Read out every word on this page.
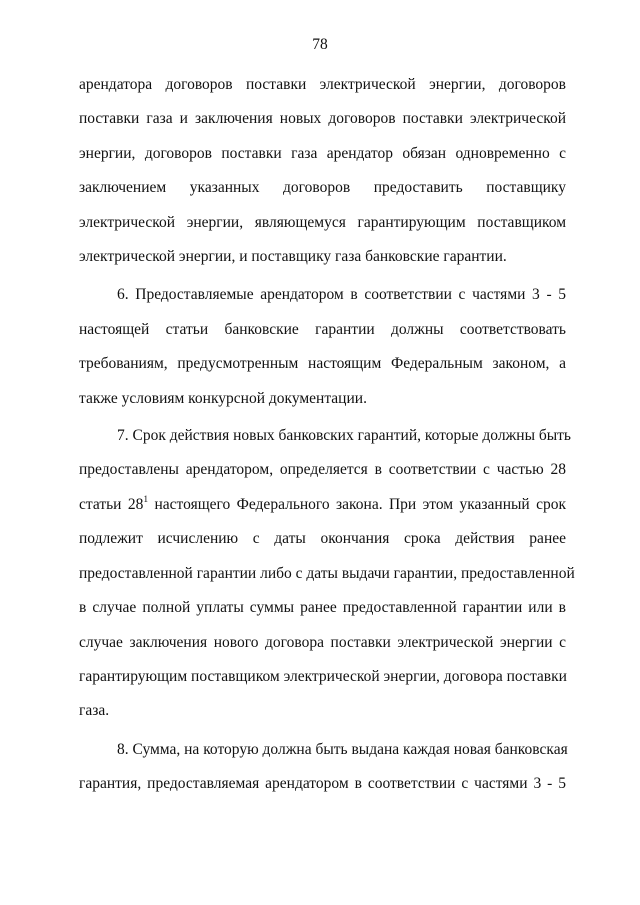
78
арендатора договоров поставки электрической энергии, договоров
поставки газа и заключения новых договоров поставки электрической
энергии, договоров поставки газа арендатор обязан одновременно с
заключением указанных договоров предоставить поставщику
электрической энергии, являющемуся гарантирующим поставщиком
электрической энергии, и поставщику газа банковские гарантии.
6. Предоставляемые арендатором в соответствии с частями 3 - 5
настоящей статьи банковские гарантии должны соответствовать
требованиям, предусмотренным настоящим Федеральным законом, а
также условиям конкурсной документации.
7. Срок действия новых банковских гарантий, которые должны быть
предоставлены арендатором, определяется в соответствии с частью 28
статьи $28^1$ настоящего Федерального закона. При этом указанный срок
подлежит исчислению с даты окончания срока действия ранее
предоставленной гарантии либо с даты выдачи гарантии, предоставленной
в случае полной уплаты суммы ранее предоставленной гарантии или в
случае заключения нового договора поставки электрической энергии с
гарантирующим поставщиком электрической энергии, договора поставки
газа.
8. Сумма, на которую должна быть выдана каждая новая банковская
гарантия, предоставляемая арендатором в соответствии с частями 3 - 5
